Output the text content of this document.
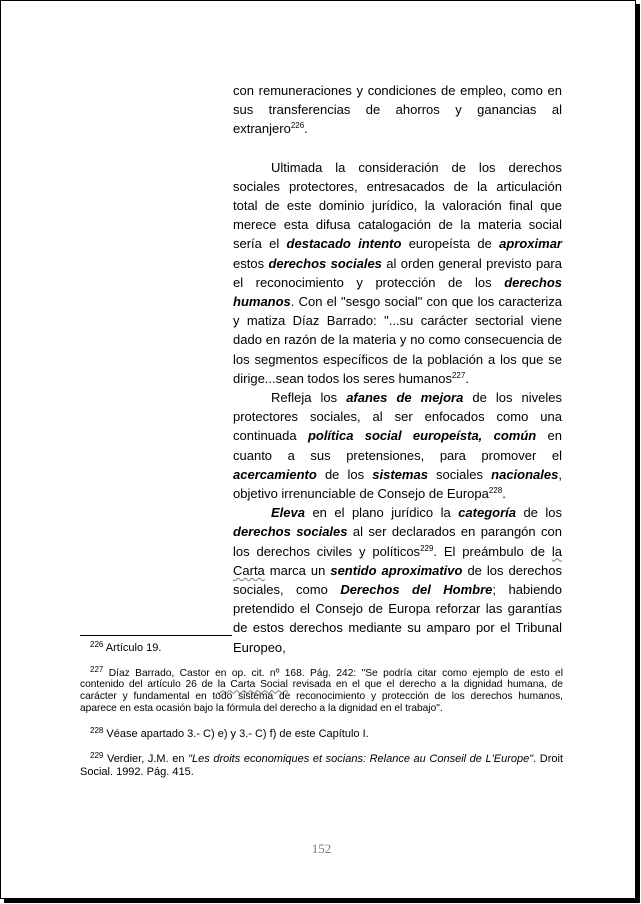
con remuneraciones y condiciones de empleo, como en sus transferencias de ahorros y ganancias al extranjero$^{226}$.

Ultimada la consideración de los derechos sociales protectores, entresacados de la articulación total de este dominio jurídico, la valoración final que merece esta difusa catalogación de la materia social sería el destacado intento europeísta de aproximar estos derechos sociales al orden general previsto para el reconocimiento y protección de los derechos humanos. Con el "sesgo social" con que los caracteriza y matiza Díaz Barrado: "...su carácter sectorial viene dado en razón de la materia y no como consecuencia de los segmentos específicos de la población a los que se dirige...sean todos los seres humanos$^{227}$.

Refleja los afanes de mejora de los niveles protectores sociales, al ser enfocados como una continuada política social europeísta, común en cuanto a sus pretensiones, para promover el acercamiento de los sistemas sociales nacionales, objetivo irrenunciable de Consejo de Europa$^{228}$.

Eleva en el plano jurídico la categoría de los derechos sociales al ser declarados en parangón con los derechos civiles y políticos$^{229}$. El preámbulo de la Carta marca un sentido aproximativo de los derechos sociales, como Derechos del Hombre; habiendo pretendido el Consejo de Europa reforzar las garantías de estos derechos mediante su amparo por el Tribunal Europeo,

$^{226}$ Artículo 19.

$^{227}$ Díaz Barrado, Castor en op. cit. nº 168. Pág. 242: "Se podría citar como ejemplo de esto el contenido del artículo 26 de la Carta Social revisada en el que el derecho a la dignidad humana, de carácter y fundamental en todo sistema de reconocimiento y protección de los derechos humanos, aparece en esta ocasión bajo la fórmula del derecho a la dignidad en el trabajo".

$^{228}$ Véase apartado 3.- C) e) y 3.- C) f) de este Capítulo I.

$^{229}$ Verdier, J.M. en "Les droits economiques et socians: Relance au Conseil de L'Europe". Droit Social. 1992. Pág. 415.

152
